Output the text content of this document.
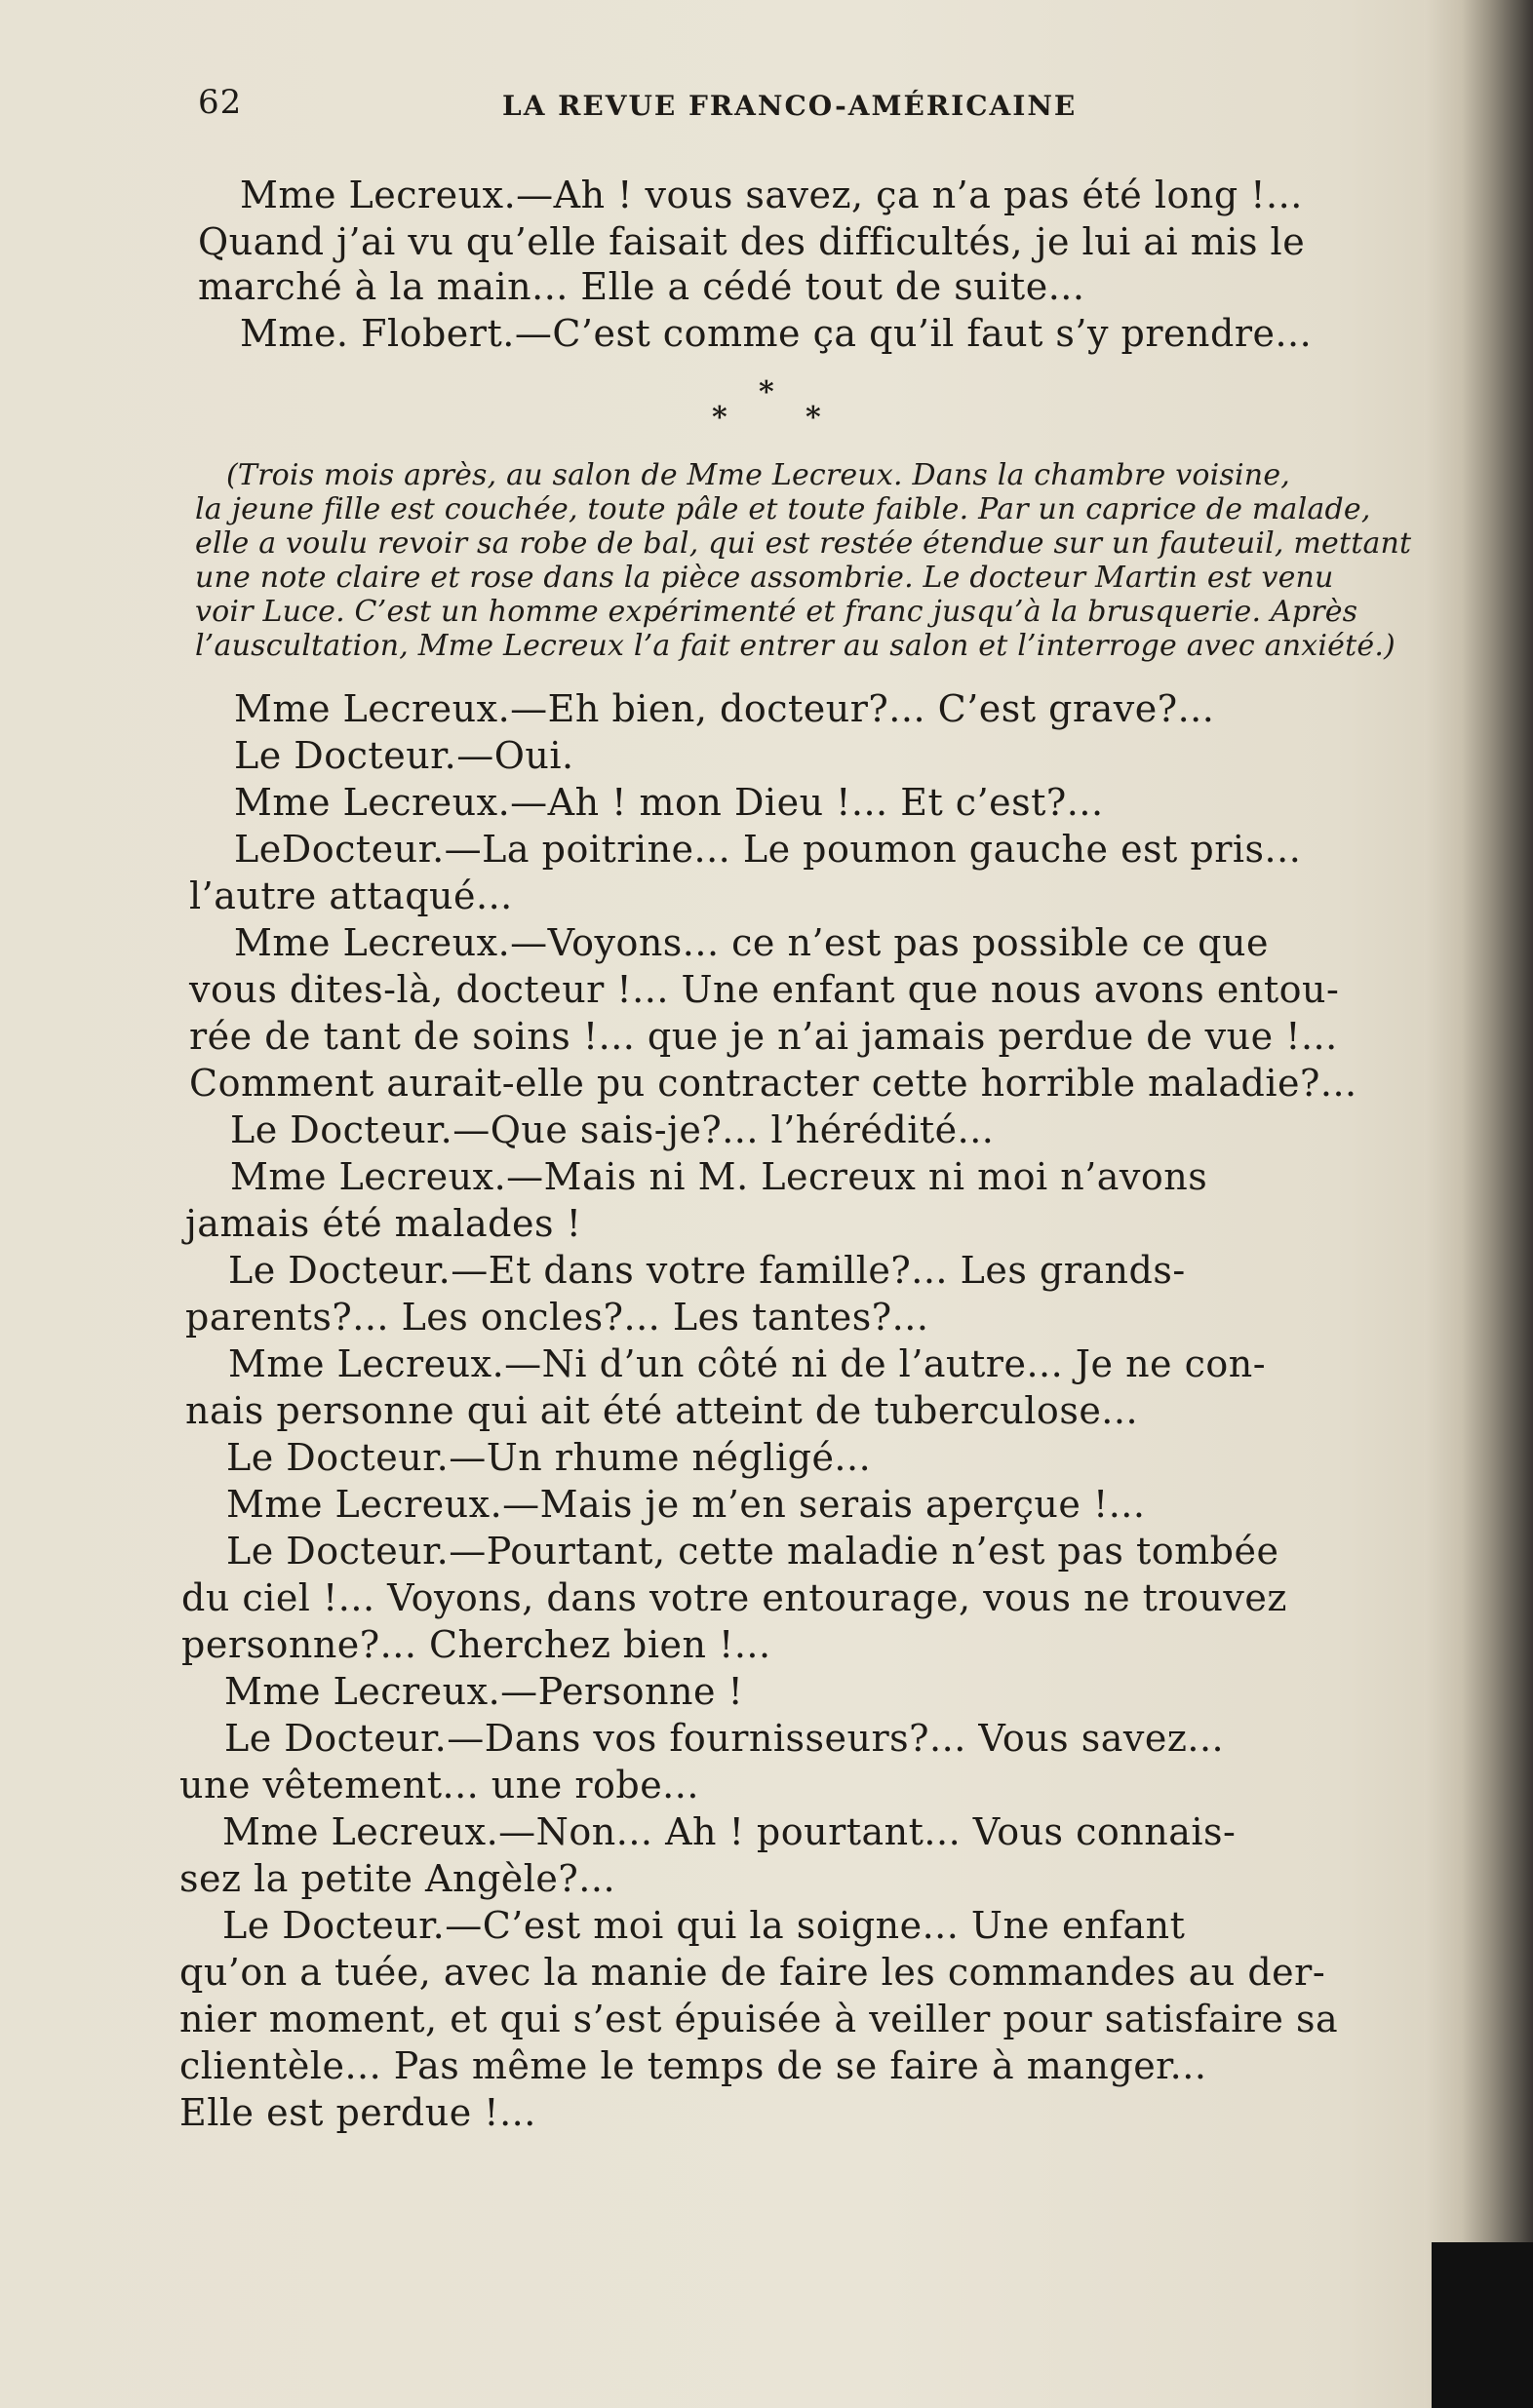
62	LA REVUE FRANCO-AMÉRICAINE
Mme Lecreux.—Ah ! vous savez, ça n’a pas été long !...
Quand j’ai vu qu’elle faisait des difficultés, je lui ai mis le
marché à la main... Elle a cédé tout de suite...
Mme. Flobert.—C’est comme ça qu’il faut s’y prendre...
*
*	*
(Trois mois après, au salon de Mme Lecreux. Dans la chambre voisine,
la jeune fille est couchée, toute pâle et toute faible. Par un caprice de malade,
elle a voulu revoir sa robe de bal, qui est restée étendue sur un fauteuil, mettant
une note claire et rose dans la pièce assombrie. Le docteur Martin est venu
voir Luce. C’est un homme expérimenté et franc jusqu’à la brusquerie. Après
l’auscultation, Mme Lecreux l’a fait entrer au salon et l’interroge avec anxiété.)
Mme Lecreux.—Eh bien, docteur?... C’est grave?...
Le Docteur.—Oui.
Mme Lecreux.—Ah ! mon Dieu !... Et c’est?...
LeDocteur.—La poitrine... Le poumon gauche est pris...
l’autre attaqué...
Mme Lecreux.—Voyons... ce n’est pas possible ce que
vous dites-là, docteur !... Une enfant que nous avons entou-
rée de tant de soins !... que je n’ai jamais perdue de vue !...
Comment aurait-elle pu contracter cette horrible maladie?...
Le Docteur.—Que sais-je?... l’hérédité...
Mme Lecreux.—Mais ni M. Lecreux ni moi n’avons
jamais été malades !
Le Docteur.—Et dans votre famille?... Les grands-
parents?... Les oncles?... Les tantes?...
Mme Lecreux.—Ni d’un côté ni de l’autre... Je ne con-
nais personne qui ait été atteint de tuberculose...
Le Docteur.—Un rhume négligé...
Mme Lecreux.—Mais je m’en serais aperçue !...
Le Docteur.—Pourtant, cette maladie n’est pas tombée
du ciel !... Voyons, dans votre entourage, vous ne trouvez
personne?... Cherchez bien !...
Mme Lecreux.—Personne !
Le Docteur.—Dans vos fournisseurs?... Vous savez...
une vêtement... une robe...
Mme Lecreux.—Non... Ah ! pourtant... Vous connais-
sez la petite Angèle?...
Le Docteur.—C’est moi qui la soigne... Une enfant
qu’on a tuée, avec la manie de faire les commandes au der-
nier moment, et qui s’est épuisée à veiller pour satisfaire sa
clientèle... Pas même le temps de se faire à manger...
Elle est perdue !...
